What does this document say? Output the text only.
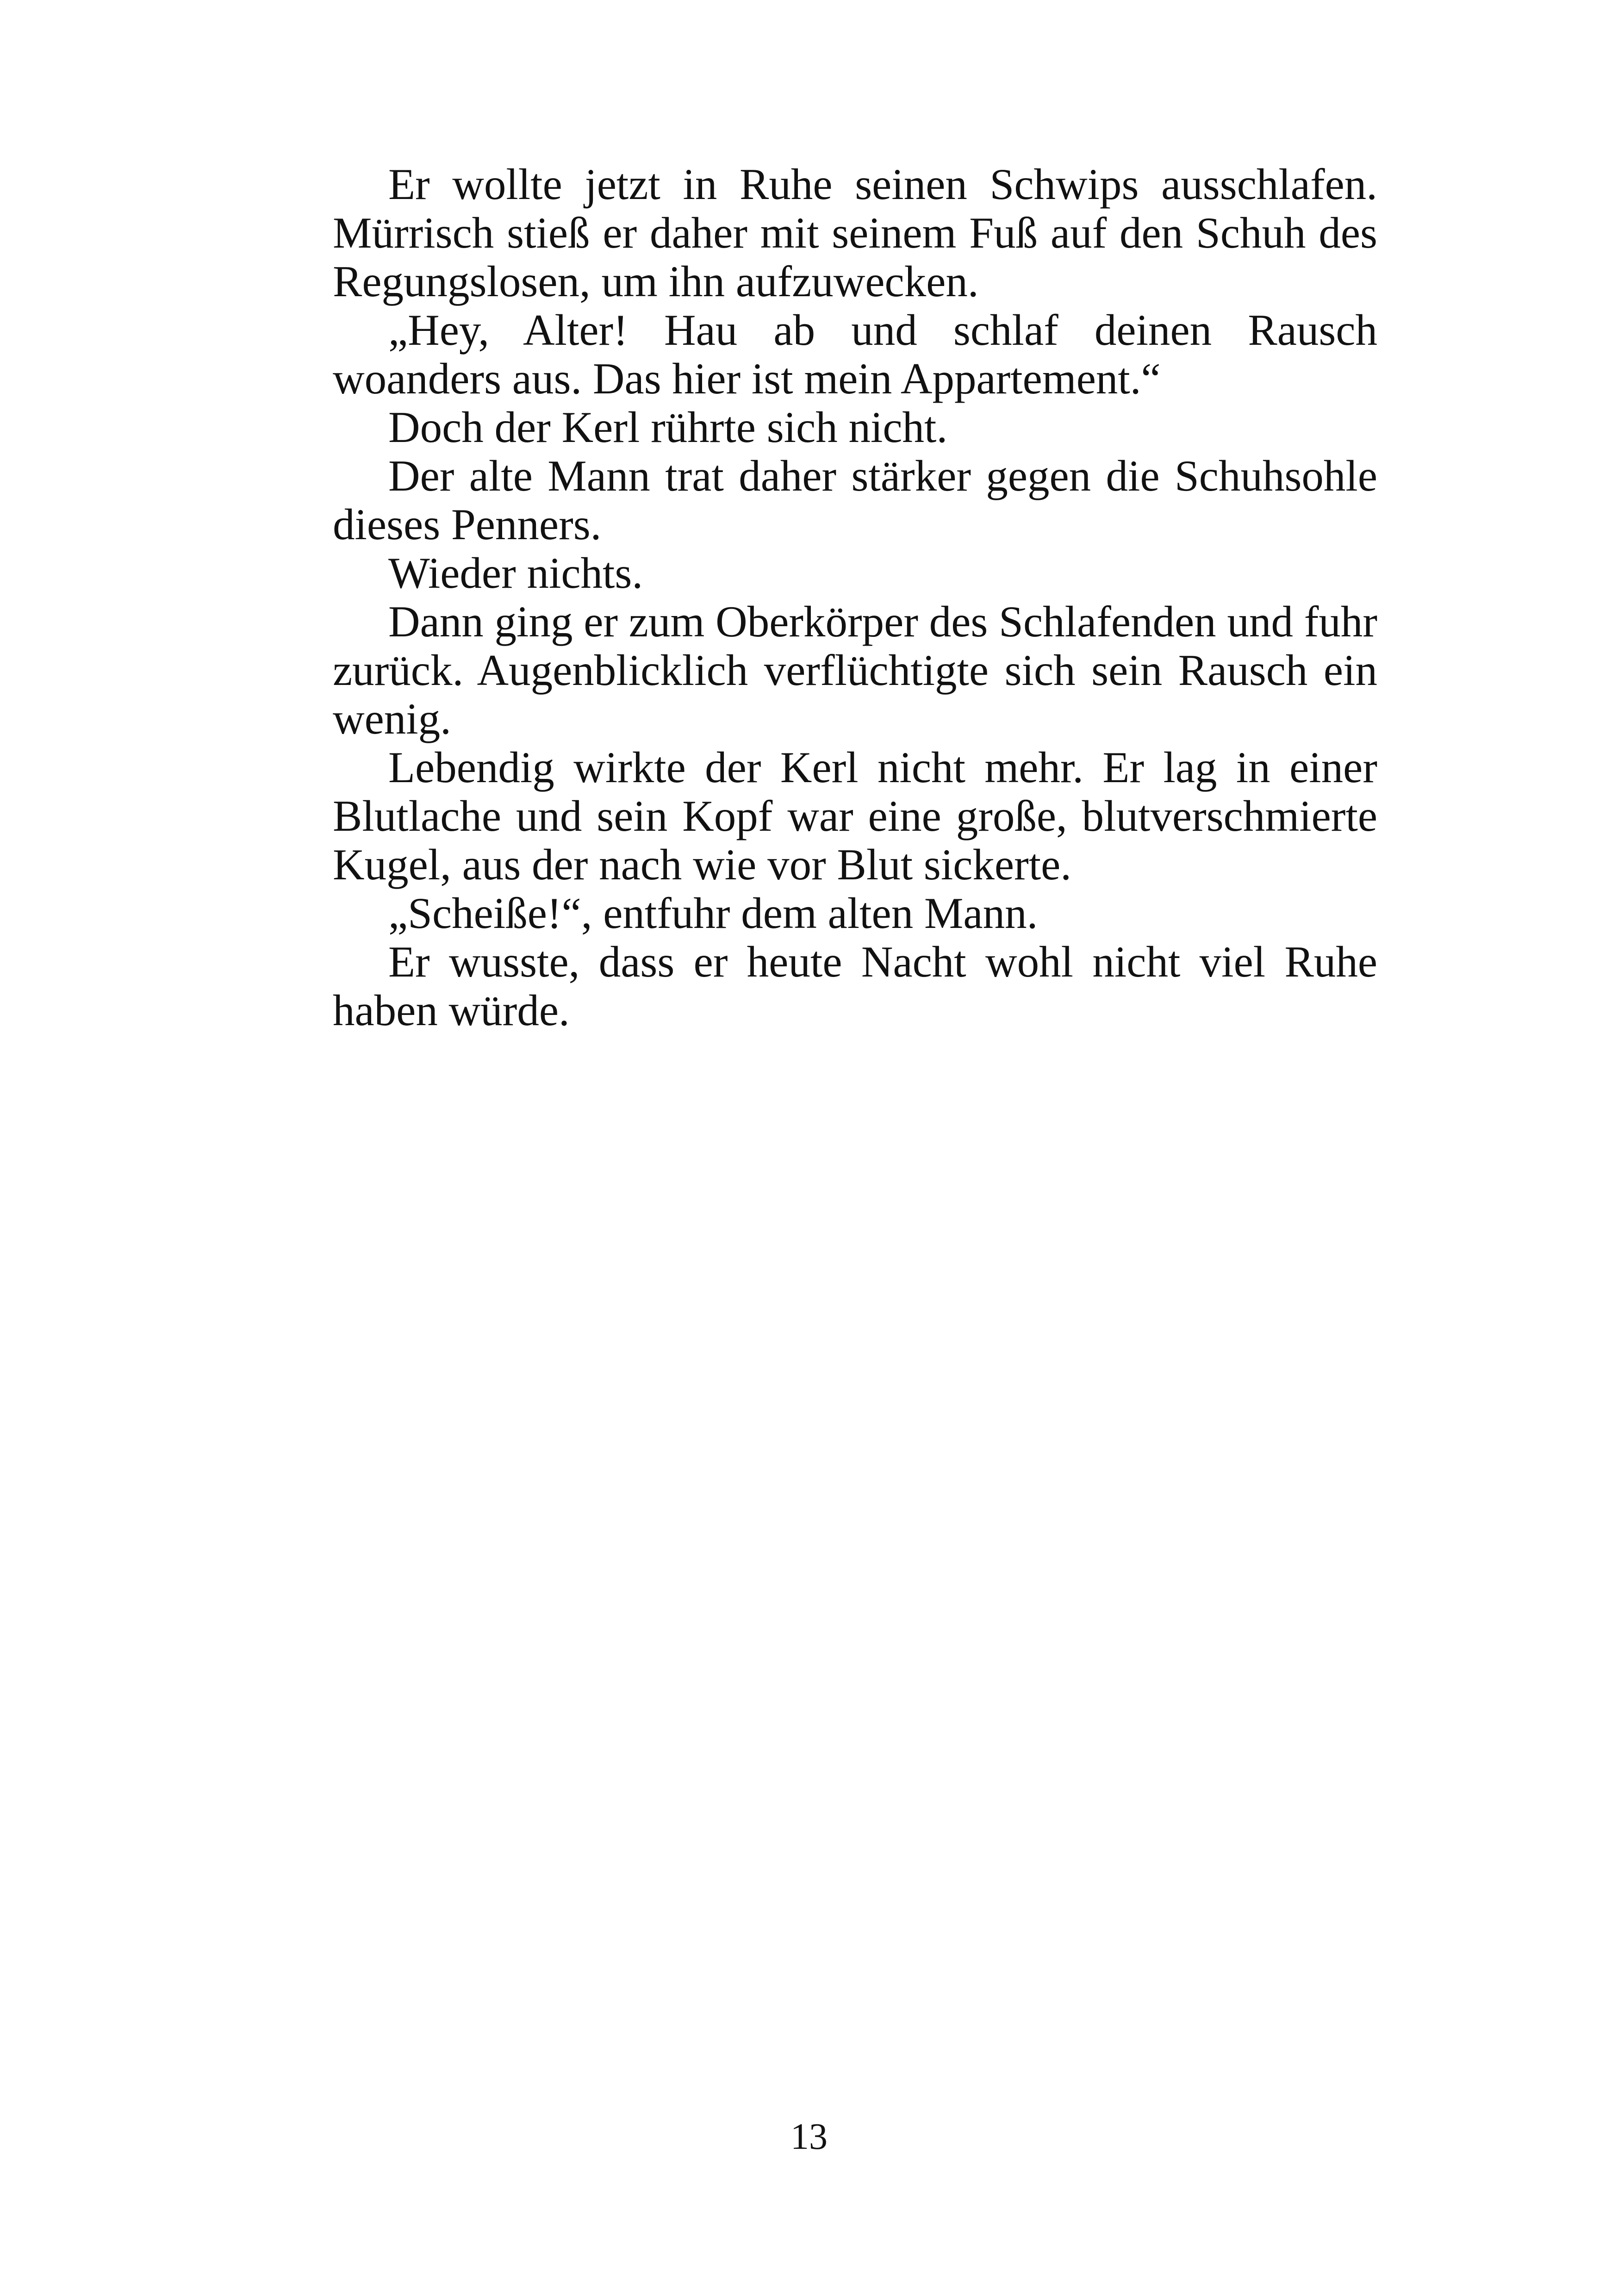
Er wollte jetzt in Ruhe seinen Schwips ausschlafen. Mürrisch stieß er daher mit seinem Fuß auf den Schuh des Regungslosen, um ihn aufzuwecken.

„Hey, Alter! Hau ab und schlaf deinen Rausch woanders aus. Das hier ist mein Appartement.“

Doch der Kerl rührte sich nicht.

Der alte Mann trat daher stärker gegen die Schuhsohle dieses Penners.

Wieder nichts.

Dann ging er zum Oberkörper des Schlafenden und fuhr zurück. Augenblicklich verflüchtigte sich sein Rausch ein wenig.

Lebendig wirkte der Kerl nicht mehr. Er lag in einer Blutlache und sein Kopf war eine große, blutverschmierte Kugel, aus der nach wie vor Blut sickerte.

„Scheiße!“, entfuhr dem alten Mann.

Er wusste, dass er heute Nacht wohl nicht viel Ruhe haben würde.

13
